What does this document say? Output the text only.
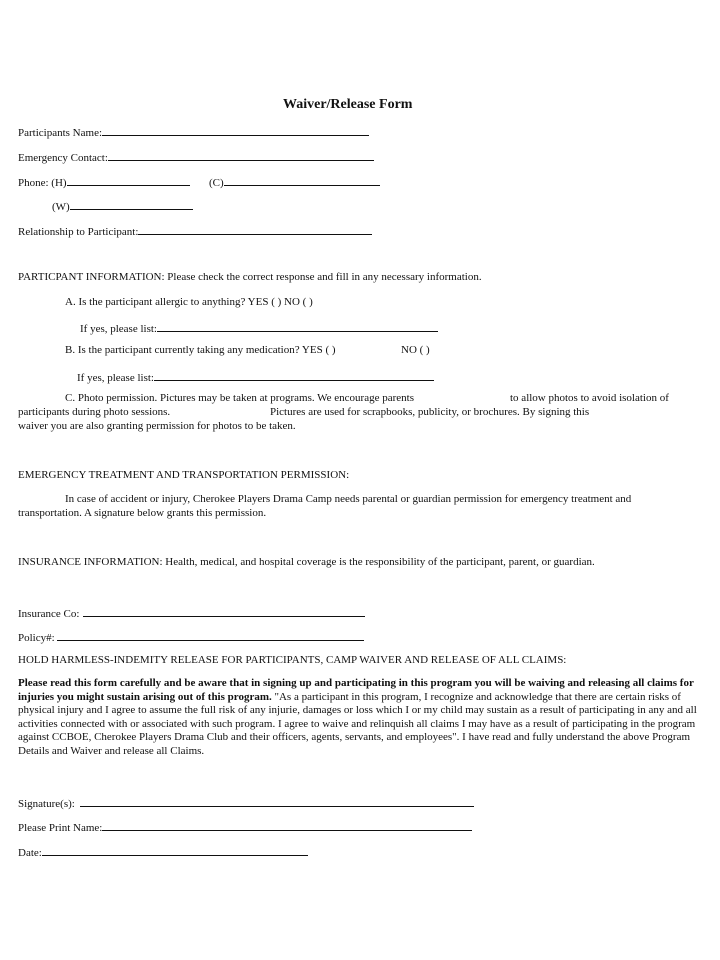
Waiver/Release Form
Participants Name:
Emergency Contact:
Phone: (H)	(C)
(W)
Relationship to Participant:
PARTICPANT INFORMATION: Please check the correct response and fill in any necessary information.
A. Is the participant allergic to anything? YES ( ) NO ( )
If yes, please list:
B. Is the participant currently taking any medication? YES ( )	NO ( )
If yes, please list:
C. Photo permission. Pictures may be taken at programs. We encourage parents	to allow photos to avoid isolation of
participants during photo sessions.	Pictures are used for scrapbooks, publicity, or brochures. By signing this
waiver you are also granting permission for photos to be taken.
EMERGENCY TREATMENT AND TRANSPORTATION PERMISSION:
In case of accident or injury, Cherokee Players Drama Camp needs parental or guardian permission for emergency treatment and
transportation. A signature below grants this permission.
INSURANCE INFORMATION: Health, medical, and hospital coverage is the responsibility of the participant, parent, or guardian.
Insurance Co:
Policy#:
HOLD HARMLESS-INDEMITY RELEASE FOR PARTICIPANTS, CAMP WAIVER AND RELEASE OF ALL CLAIMS:
Please read this form carefully and be aware that in signing up and participating in this program you will be waiving and releasing all claims for injuries you might sustain arising out of this program. "As a participant in this program, I recognize and acknowledge that there are certain risks of physical injury and I agree to assume the full risk of any injurie, damages or loss which I or my child may sustain as a result of participating in any and all activities connected with or associated with such program. I agree to waive and relinquish all claims I may have as a result of participating in the program against CCBOE, Cherokee Players Drama Club and their officers, agents, servants, and employees". I have read and fully understand the above Program Details and Waiver and release all Claims.
Signature(s):
Please Print Name:
Date:
